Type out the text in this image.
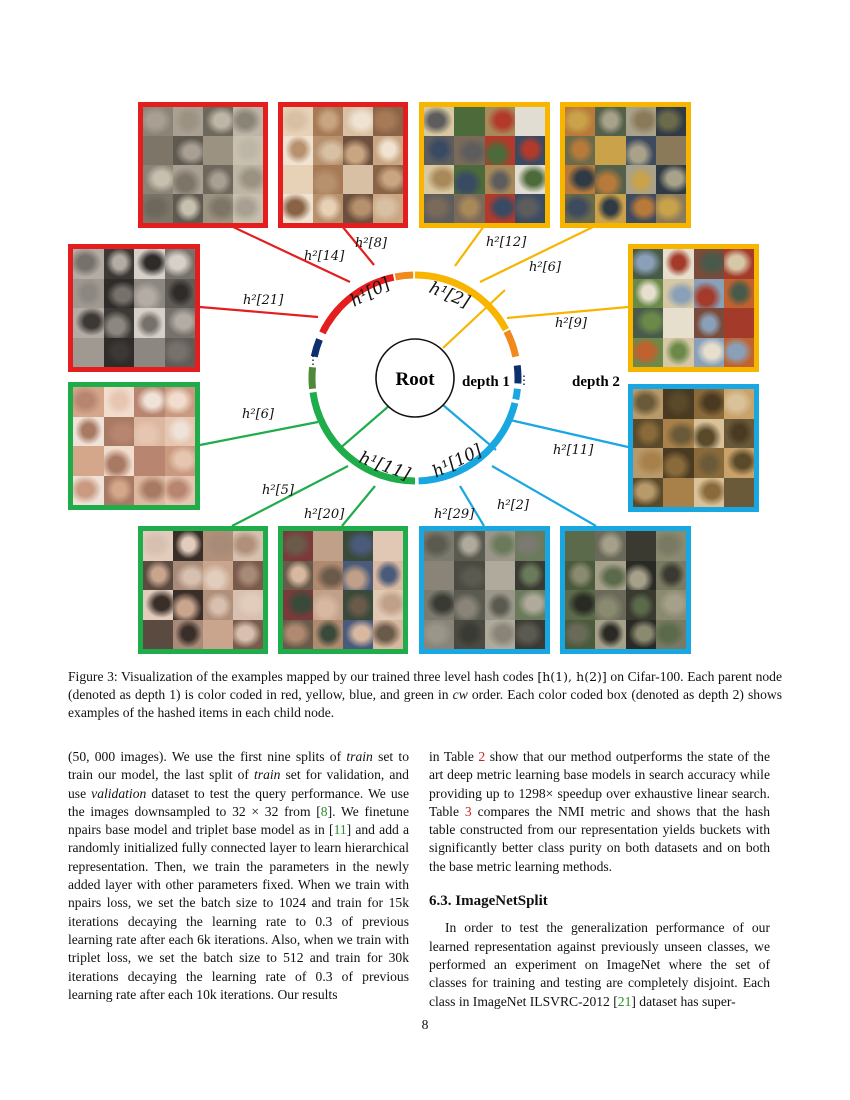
Root depth 1	depth 2
⋮
⋮
h¹[0] h¹[2]
h¹[10]
h¹[11]
h²[14]
h²[8]
h²[21]
h²[12]
h²[6]
h²[9]
h²[11]
h²[2]
h²[29]
h²[6]
h²[5]
h²[20]
Figure 3: Visualization of the examples mapped by our trained three level hash codes [h(1), h(2)] on Cifar-100. Each parent node (denoted as depth 1) is color coded in red, yellow, blue, and green in cw order. Each color coded box (denoted as depth 2) shows examples of the hashed items in each child node.

(50, 000 images). We use the first nine splits of train set to train our model, the last split of train set for validation, and use validation dataset to test the query performance. We use the images downsampled to 32 × 32 from [8]. We finetune npairs base model and triplet base model as in [11] and add a randomly initialized fully connected layer to learn hierarchical representation. Then, we train the parameters in the newly added layer with other parameters fixed. When we train with npairs loss, we set the batch size to 1024 and train for 15k iterations decaying the learning rate to 0.3 of previous learning rate after each 6k iterations. Also, when we train with triplet loss, we set the batch size to 512 and train for 30k iterations decaying the learning rate of 0.3 of previous learning rate after each 10k iterations. Our results

in Table 2 show that our method outperforms the state of the art deep metric learning base models in search accuracy while providing up to 1298× speedup over exhaustive linear search. Table 3 compares the NMI metric and shows that the hash table constructed from our representation yields buckets with significantly better class purity on both datasets and on both the base metric learning methods.

6.3. ImageNetSplit

In order to test the generalization performance of our learned representation against previously unseen classes, we performed an experiment on ImageNet where the set of classes for training and testing are completely disjoint. Each class in ImageNet ILSVRC-2012 [21] dataset has super-

8
